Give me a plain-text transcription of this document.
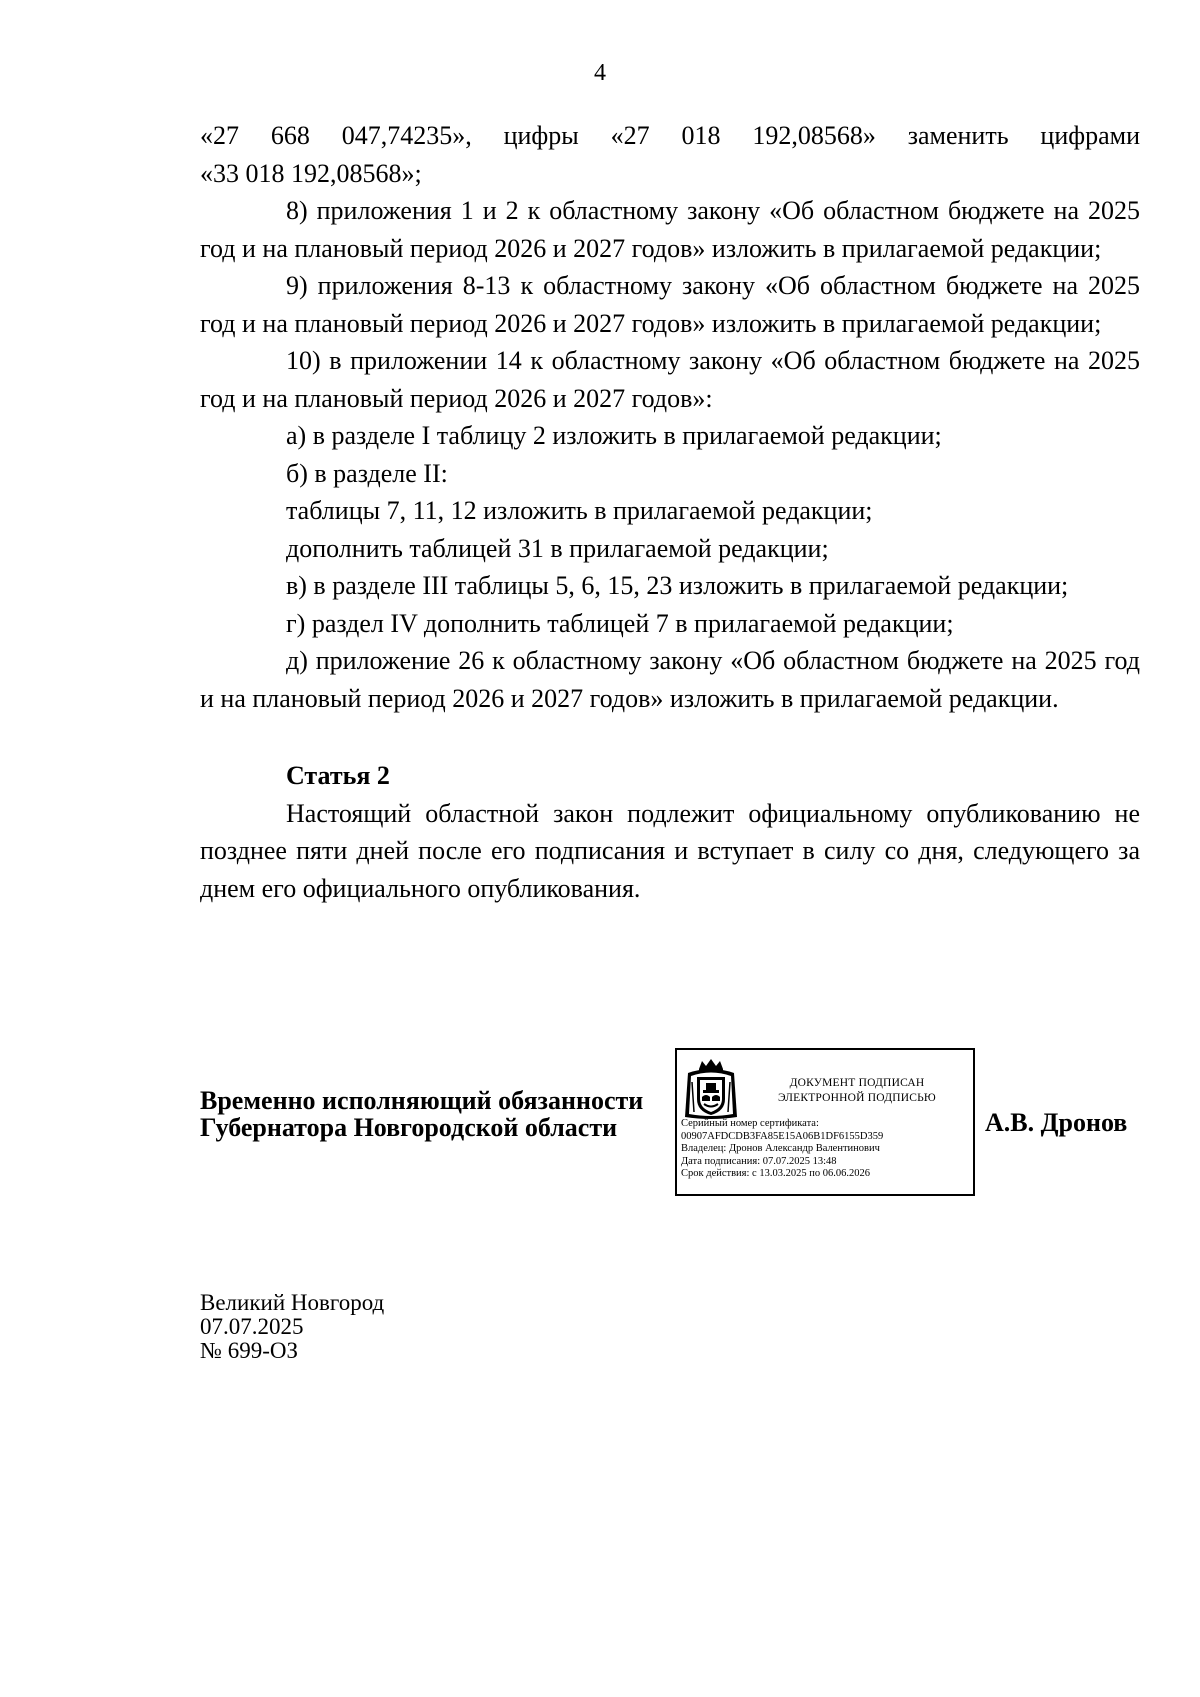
4

«27 668 047,74235», цифры «27 018 192,08568» заменить цифрами

«33 018 192,08568»;

8) приложения 1 и 2 к областному закону «Об областном бюджете на 2025 год и на плановый период 2026 и 2027 годов» изложить в прилагаемой редакции;

9) приложения 8-13 к областному закону «Об областном бюджете на 2025 год и на плановый период 2026 и 2027 годов» изложить в прилагаемой редакции;

10) в приложении 14 к областному закону «Об областном бюджете на 2025 год и на плановый период 2026 и 2027 годов»:

а) в разделе I таблицу 2 изложить в прилагаемой редакции;

б) в разделе II:

таблицы 7, 11, 12 изложить в прилагаемой редакции;

дополнить таблицей 31 в прилагаемой редакции;

в) в разделе III таблицы 5, 6, 15, 23 изложить в прилагаемой редакции;

г) раздел IV дополнить таблицей 7 в прилагаемой редакции;

д) приложение 26 к областному закону «Об областном бюджете на 2025 год и на плановый период 2026 и 2027 годов» изложить в прилагаемой редакции.

Статья 2

Настоящий областной закон подлежит официальному опубликованию не позднее пяти дней после его подписания и вступает в силу со дня, следующего за днем его официального опубликования.

Временно исполняющий обязанности
Губернатора Новгородской области
ДОКУМЕНТ ПОДПИСАН
ЭЛЕКТРОННОЙ ПОДПИСЬЮ
Серийный номер сертификата:
00907AFDCDB3FA85E15A06B1DF6155D359
Владелец: Дронов Александр Валентинович
Дата подписания: 07.07.2025 13:48
Срок действия: с 13.03.2025 по 06.06.2026
А.В. Дронов
Великий Новгород
07.07.2025
№ 699-ОЗ
